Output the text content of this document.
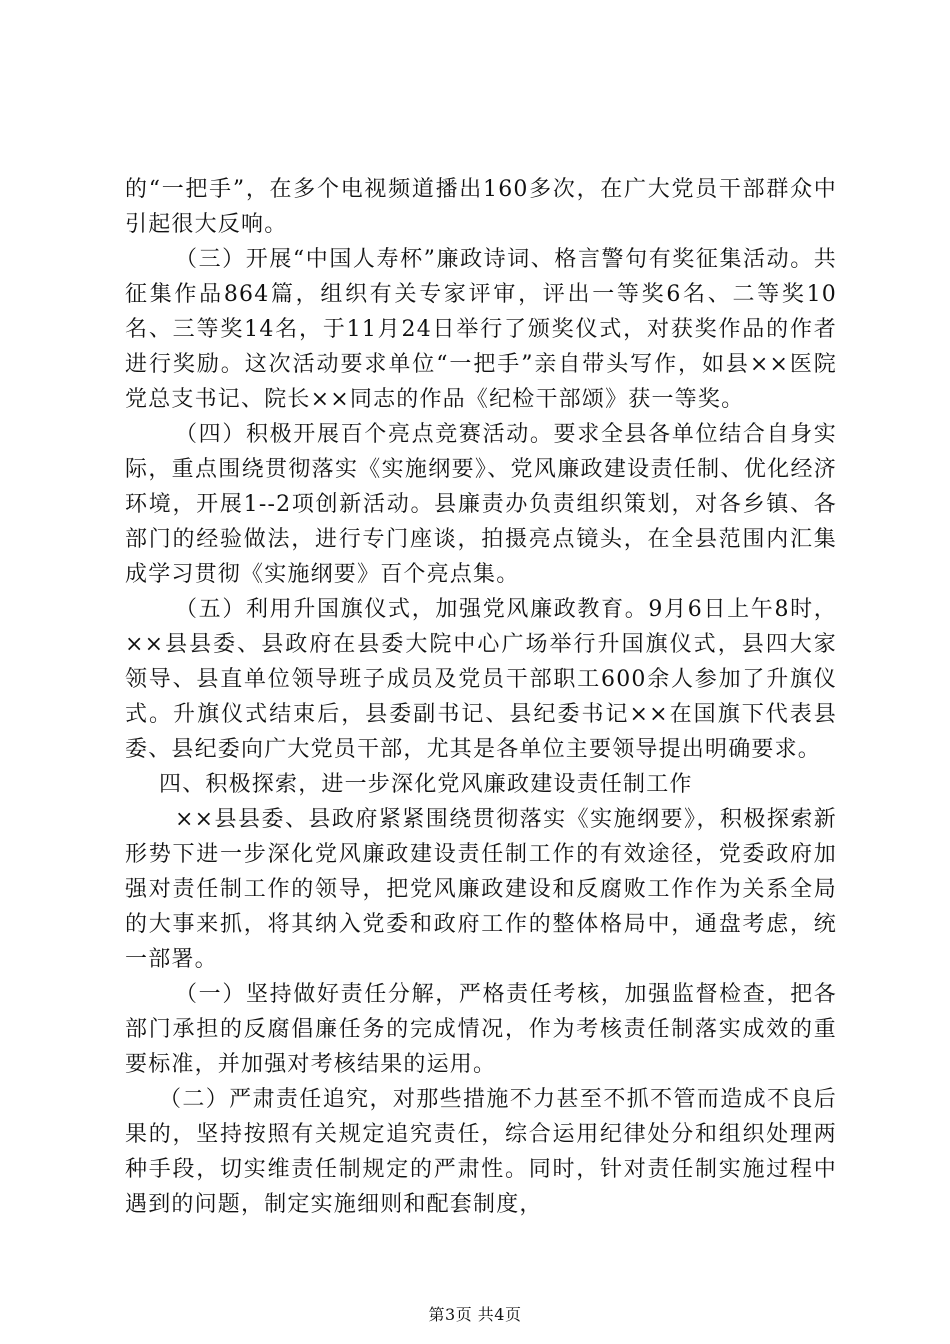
的“一把手”，在多个电视频道播出160多次，在广大党员干部群众中引起很大反响。

（三）开展“中国人寿杯”廉政诗词、格言警句有奖征集活动。共征集作品864篇，组织有关专家评审，评出一等奖6名、二等奖10名、三等奖14名，于11月24日举行了颁奖仪式，对获奖作品的作者进行奖励。这次活动要求单位“一把手”亲自带头写作，如县××医院党总支书记、院长××同志的作品《纪检干部颂》获一等奖。

（四）积极开展百个亮点竞赛活动。要求全县各单位结合自身实际，重点围绕贯彻落实《实施纲要》、党风廉政建设责任制、优化经济环境，开展1--2项创新活动。县廉责办负责组织策划，对各乡镇、各部门的经验做法，进行专门座谈，拍摄亮点镜头，在全县范围内汇集成学习贯彻《实施纲要》百个亮点集。

（五）利用升国旗仪式，加强党风廉政教育。9月6日上午8时，××县县委、县政府在县委大院中心广场举行升国旗仪式，县四大家领导、县直单位领导班子成员及党员干部职工600余人参加了升旗仪式。升旗仪式结束后，县委副书记、县纪委书记××在国旗下代表县委、县纪委向广大党员干部，尤其是各单位主要领导提出明确要求。

四、积极探索，进一步深化党风廉政建设责任制工作

××县县委、县政府紧紧围绕贯彻落实《实施纲要》，积极探索新形势下进一步深化党风廉政建设责任制工作的有效途径，党委政府加强对责任制工作的领导，把党风廉政建设和反腐败工作作为关系全局的大事来抓，将其纳入党委和政府工作的整体格局中，通盘考虑，统一部署。

（一）坚持做好责任分解，严格责任考核，加强监督检查，把各部门承担的反腐倡廉任务的完成情况，作为考核责任制落实成效的重要标准，并加强对考核结果的运用。

（二）严肃责任追究，对那些措施不力甚至不抓不管而造成不良后果的，坚持按照有关规定追究责任，综合运用纪律处分和组织处理两种手段，切实维责任制规定的严肃性。同时，针对责任制实施过程中遇到的问题，制定实施细则和配套制度，

第3页 共4页
